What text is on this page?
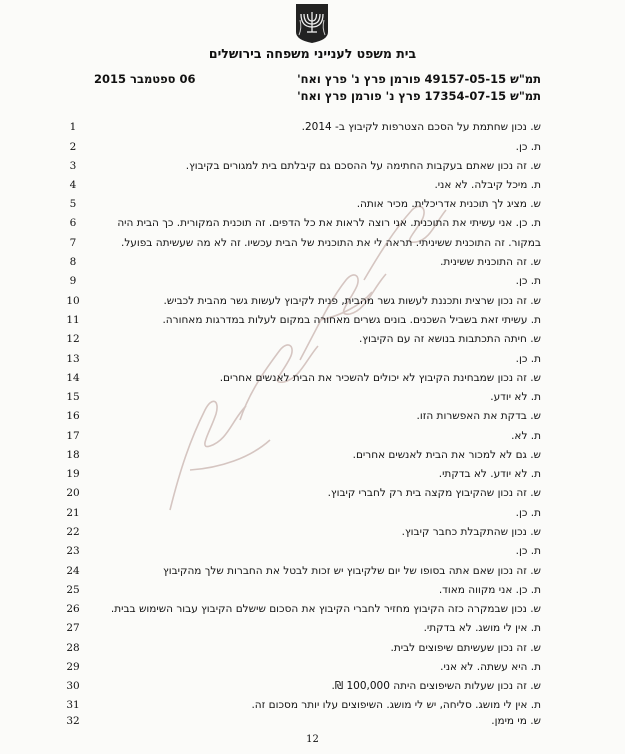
בית משפט לענייני משפחה בירושלים
06 ספטמבר 2015	תמ"ש 49157-05-15 פורמן פרץ נ' פרץ ואח'
תמ"ש 17354-07-15 פרץ נ' פורמן פרץ ואח'
1	ש. נכון שחתמת על הסכם הצטרפות לקיבוץ ב- 2014.
2	ת. כן.
3	ש. זה נכון שאתם בעקבות החתימה על ההסכם גם קיבלתם בית למגורים בקיבוץ.
4	ת. מיכל קיבלה. לא אני.
5	ש. מציג לך תוכנית אדריכלית. מכיר אותה.
6	ת. כן. אני עשיתי את התוכנית. אני רוצה לראות את כל הדפים. זה תוכנית המקורית. כך הבית היה
7	במקור. זה התוכנית ששיניתי. תראה לי את התוכנית של הבית עכשיו. זה לא מה שעשיתה בפועל.
8	ש. זה התוכנית ששינית.
9	ת. כן.
10	ש. זה נכון שרצית ותכננת לעשות גשר מהבית, פנית לקיבוץ לעשות גשר מהבית לכביש.
11	ת. עשיתי זאת בשביל השכנים. בונים גשרים מאחורה במקום לעלות במדרגות מאחורה.
12	ש. חיתה התכתבות בנושא זה עם הקיבוץ.
13	ת. כן.
14	ש. זה נכון שמבחינת הקיבוץ לא יכולים להשכיר את הבית לאנשים אחרים.
15	ת. לא יודע.
16	ש. בדקת את האפשרות הזו.
17	ת. לא.
18	ש. גם לא למכור את הבית לאנשים אחרים.
19	ת. לא יודע. לא בדקתי.
20	ש. זה נכון שהקיבוץ מקצה בית רק לחברי קיבוץ.
21	ת. כן.
22	ש. נכון שהתקבלת כחבר קיבוץ.
23	ת. כן.
24	ש. זה נכון שאם אתה בסופו של יום שלקיבוץ יש זכות לבטל את החברות שלך מהקיבוץ
25	ת. כן. אני מקווה מאוד.
26	ש. נכון שבמקרה כזה הקיבוץ מחזיר לחברי הקיבוץ את הסכום שישלם הקיבוץ עבור השימוש בבית.
27	ת. אין לי מושג. לא בדקתי.
28	ש. זה נכון שעשיתם שיפוצים לבית.
29	ת. היא עשתה. לא אני.
30	ש. זה נכון שעלות השיפוצים היתה 100,000 ₪.
31	ת. אין לי מושג. סליחה, יש לי מושג. השיפוצים עלו יותר מסכום זה.
32	ש. מי מימן.
12
